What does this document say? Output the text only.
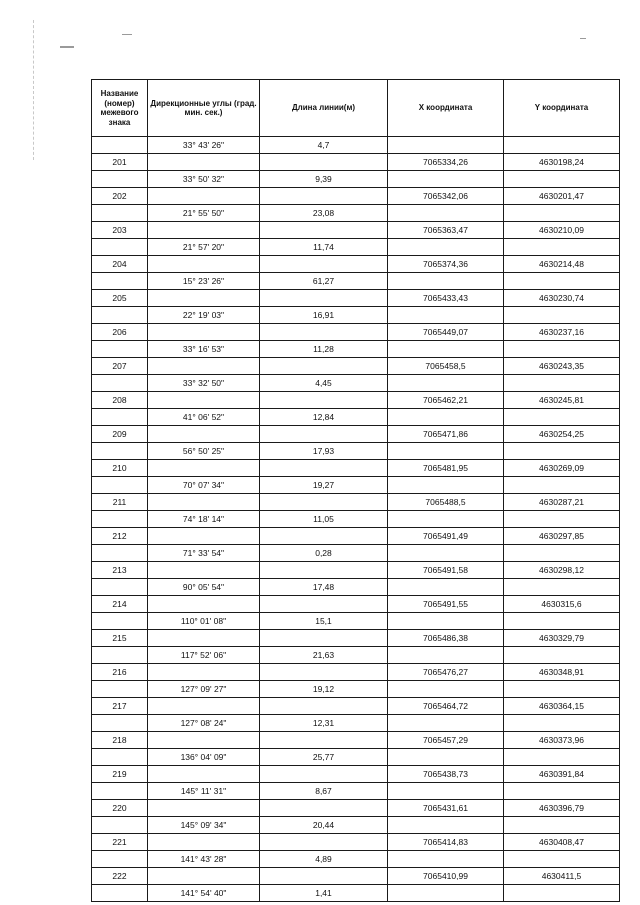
Название (номер) межевого знака	Дирекционные углы (град. мин. сек.)	Длина линии(м)	X координата	Y координата
	33° 43' 26"	4,7		
201			7065334,26	4630198,24
	33° 50' 32"	9,39		
202			7065342,06	4630201,47
	21° 55' 50"	23,08		
203			7065363,47	4630210,09
	21° 57' 20"	11,74		
204			7065374,36	4630214,48
	15° 23' 26"	61,27		
205			7065433,43	4630230,74
	22° 19' 03"	16,91		
206			7065449,07	4630237,16
	33° 16' 53"	11,28		
207			7065458,5	4630243,35
	33° 32' 50"	4,45		
208			7065462,21	4630245,81
	41° 06' 52"	12,84		
209			7065471,86	4630254,25
	56° 50' 25"	17,93		
210			7065481,95	4630269,09
	70° 07' 34"	19,27		
211			7065488,5	4630287,21
	74° 18' 14"	11,05		
212			7065491,49	4630297,85
	71° 33' 54"	0,28		
213			7065491,58	4630298,12
	90° 05' 54"	17,48		
214			7065491,55	4630315,6
	110° 01' 08"	15,1		
215			7065486,38	4630329,79
	117° 52' 06"	21,63		
216			7065476,27	4630348,91
	127° 09' 27"	19,12		
217			7065464,72	4630364,15
	127° 08' 24"	12,31		
218			7065457,29	4630373,96
	136° 04' 09"	25,77		
219			7065438,73	4630391,84
	145° 11' 31"	8,67		
220			7065431,61	4630396,79
	145° 09' 34"	20,44		
221			7065414,83	4630408,47
	141° 43' 28"	4,89		
222			7065410,99	4630411,5
	141° 54' 40"	1,41		
